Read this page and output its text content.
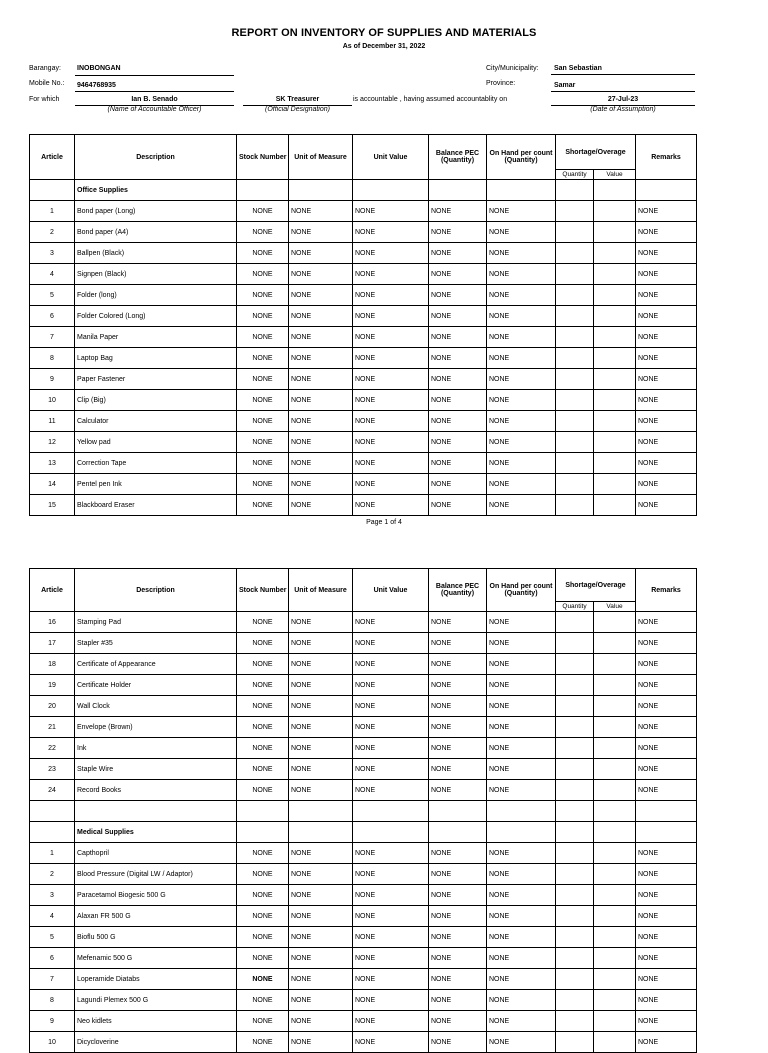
REPORT ON INVENTORY OF SUPPLIES AND MATERIALS
As of December 31, 2022
Barangay: INOBONGAN
Mobile No.: 9464768935
For which	Ian B. Senado
(Name of Accountable Officer)
SK Treasurer
(Official Designation)
is accountable , having assumed accountablity on
City/Municipality: San Sebastian
Province:	Samar
27-Jul-23
(Date of Assumption)
Article	Description	Stock Number	Unit of Measure	Unit Value	Balance PEC (Quantity)	On Hand per count (Quantity)	Shortage/Overage		Remarks
							Quantity	Value	
	Office Supplies								
1	Bond paper (Long)	NONE	NONE	NONE	NONE	NONE			NONE
2	Bond paper (A4)	NONE	NONE	NONE	NONE	NONE			NONE
3	Ballpen (Black)	NONE	NONE	NONE	NONE	NONE			NONE
4	Signpen (Black)	NONE	NONE	NONE	NONE	NONE			NONE
5	Folder (long)	NONE	NONE	NONE	NONE	NONE			NONE
6	Folder Colored (Long)	NONE	NONE	NONE	NONE	NONE			NONE
7	Manila Paper	NONE	NONE	NONE	NONE	NONE			NONE
8	Laptop Bag	NONE	NONE	NONE	NONE	NONE			NONE
9	Paper Fastener	NONE	NONE	NONE	NONE	NONE			NONE
10	Clip (Big)	NONE	NONE	NONE	NONE	NONE			NONE
11	Calculator	NONE	NONE	NONE	NONE	NONE			NONE
12	Yellow pad	NONE	NONE	NONE	NONE	NONE			NONE
13	Correction Tape	NONE	NONE	NONE	NONE	NONE			NONE
14	Pentel pen Ink	NONE	NONE	NONE	NONE	NONE			NONE
15	Blackboard Eraser	NONE	NONE	NONE	NONE	NONE			NONE
Page 1 of 4
Article	Description	Stock Number	Unit of Measure	Unit Value	Balance PEC (Quantity)	On Hand per count (Quantity)	Shortage/Overage		Remarks
							Quantity	Value	
16	Stamping Pad	NONE	NONE	NONE	NONE	NONE			NONE
17	Stapler #35	NONE	NONE	NONE	NONE	NONE			NONE
18	Certificate of Appearance	NONE	NONE	NONE	NONE	NONE			NONE
19	Certificate Holder	NONE	NONE	NONE	NONE	NONE			NONE
20	Wall Clock	NONE	NONE	NONE	NONE	NONE			NONE
21	Envelope (Brown)	NONE	NONE	NONE	NONE	NONE			NONE
22	Ink	NONE	NONE	NONE	NONE	NONE			NONE
23	Staple Wire	NONE	NONE	NONE	NONE	NONE			NONE
24	Record Books	NONE	NONE	NONE	NONE	NONE			NONE

	Medical Supplies								
1	Capthopril	NONE	NONE	NONE	NONE	NONE			NONE
2	Blood Pressure (Digital LW / Adaptor)	NONE	NONE	NONE	NONE	NONE			NONE
3	Paracetamol Biogesic 500 G	NONE	NONE	NONE	NONE	NONE			NONE
4	Alaxan FR 500 G	NONE	NONE	NONE	NONE	NONE			NONE
5	Bioflu 500 G	NONE	NONE	NONE	NONE	NONE			NONE
6	Mefenamic 500 G	NONE	NONE	NONE	NONE	NONE			NONE
7	Loperamide Diatabs	NONE	NONE	NONE	NONE	NONE			NONE
8	Lagundi Plemex 500 G	NONE	NONE	NONE	NONE	NONE			NONE
9	Neo kidlets	NONE	NONE	NONE	NONE	NONE			NONE
10	Dicycloverine	NONE	NONE	NONE	NONE	NONE			NONE
